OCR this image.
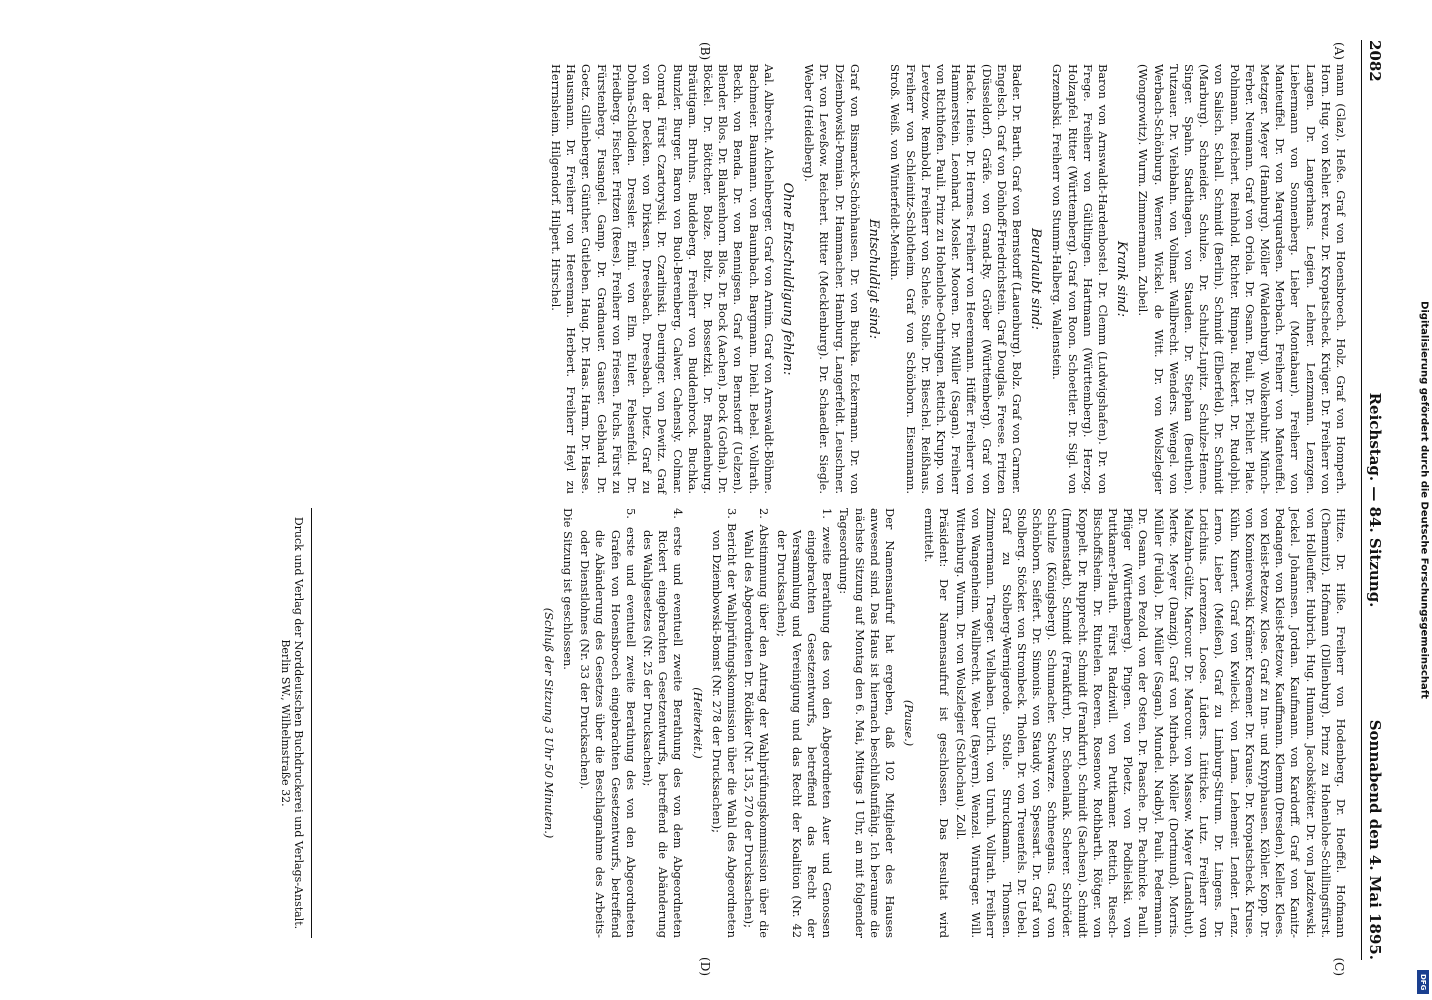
2082
Reichstag. — 84. Sitzung.
Sonnabend den 4. Mai 1895.
(A)
(B)
(C)
(D)

mann (Glaz). Heße. Graf von Hoensbroech. Holz. Graf von Homperh. Horn. Hug. von Kehler. Kreuz. Dr. Kropatscheck. Krüger. Dr. Freiherr von Langen. Dr. Langerhans. Legien. Lehner. Lenzmann. Lenzgen. Liebermann von Sonnenberg. Lieber (Montabaur). Freiherr von Manteuffel. Dr. von Marquardsen. Merbach. Freiherr von Manteuffel. Metzger. Meyer (Hamburg). Möller (Waldenburg). Wolkenbuhr. Münch-Ferber. Neumann. Graf von Oriola. Dr. Osann. Pauli. Dr. Pichler. Plate. Pohlmann. Reichert. Reinhold. Richter. Rimpau. Rickert. Dr. Rudolphi. von Salisch. Schall. Schmidt (Berlin). Schmidt (Elberfeld). Dr. Schmidt (Marburg). Schneider. Schulze. Dr. Schultz-Lupitz. Schulze-Henne. Singer. Spahn. Stadthagen. von Stauden. Dr. Stephan (Beuthen). Tutzauer. Dr. Viehbahn. von Vollmar. Wallbrecht. Wenders. Wengel. von Werbach-Schönburg. Werner. Wickel. de Witt. Dr. von Wolszlegier (Wongrowitz). Wurm. Zimmermann. Zubeil.

Krank sind:

Baron von Arnswaldt-Hardenbostel. Dr. Clemm (Ludwigshafen). Dr. von Frege. Freiherr von Gültlingen. Hartmann (Württemberg). Herzog. Holzapfel. Ritter (Württemberg). Graf von Roon. Schoettler. Dr. Sigl. von Grzembski. Freiherr von Stumm-Halberg. Wallenstein.

Beurlaubt sind:

Bader. Dr. Barth. Graf von Bernstorff (Lauenburg). Bolz. Graf von Carmer. Engelsch. Graf von Dönhoff-Friedrichstein. Graf Douglas. Freese. Fritzen (Düsseldorf). Gräfe. von Grand-Ry. Gröber (Württemberg). Graf von Hacke. Heine. Dr. Hermes. Freiherr von Heeremann. Hüffer. Freiherr von Hammerstein. Leonhard. Mosler. Mooren. Dr. Müller (Sagan). Freiherr von Richthofen. Pauli. Prinz zu Hohenlohe-Oehringen. Rettich. Krupp. von Levetzow. Rembold. Freiherr von Schele. Stolle. Dr. Bieschel. Reißhaus. Freiherr von Schleinitz-Schlotheim. Graf von Schönborn. Eisenmann. Stroß. Weiß. von Winterfeldt-Menkin.

Entschuldigt sind:

Graf von Bismarck-Schönhausen. Dr. von Buchka. Eckermann. Dr. von Dziembowski-Pomian. Dr. Hammacher. Hamburg. Langerfeldt. Leuschner. Dr. von Leveßow. Reichert. Ritter (Mecklenburg). Dr. Schaedler. Siegle. Weber (Heidelberg).

Ohne Entschuldigung fehlen:

Aal. Albrecht. Alchelnberger. Graf von Arnim. Graf von Arnswaldt-Böhme. Bachmeier. Baumann. von Baumbach. Bargmann. Diehl. Bebel. Vollrath. Beckh. von Benda. Dr. von Bennigsen. Graf von Bernstorff (Uelzen). Blender. Blos. Dr. Blankenhorn. Blos. Dr. Bock (Aachen). Bock (Gotha). Dr. Böckel. Dr. Böttcher. Bolze. Boltz. Dr. Bossetzki. Dr. Brandenburg. Bräutigam. Bruhns. Buddeberg. Freiherr von Buddenbrock. Buchka. Bunzler. Burger. Baron von Buol-Berenberg. Calwer. Cahensly. Colmar. Conrad. Fürst Czartoryski. Dr. Czarlinski. Deuringer. von Dewitz. Graf von der Decken. von Dirksen. Dreesbach. Dreesbach. Dietz. Graf zu Dohna-Schlodien. Dressler. Ehni. von Elm. Euler. Fehsenfeld. Dr. Friedberg. Fischer. Fritzen (Rees). Freiherr von Friesen. Fuchs. Fürst zu Fürstenberg. Fusangel. Gamp. Dr. Gradnauer. Gauser. Gebhard. Dr. Goetz. Gillenberger. Günther. Gutleben. Haug. Dr. Haas. Harm. Dr. Hasse. Hausmann. Dr. Freiherr von Heereman. Herbert. Freiherr Heyl zu Herrnsheim. Hilgendorf. Hilpert. Hirschel.

Hitze. Dr. Hiße. Freiherr von Hodenberg. Dr. Hoeffel. Hofmann (Chemnitz). Hofmann (Dillenburg). Prinz zu Hohenlohe-Schillingsfürst. von Holleuffer. Hubrich. Hug. Humann. Jacobskötter. Dr. von Jazdzewski. Jeckel. Johannsen. Jordan. Kaufmann. von Kardorff. Graf von Kanitz-Podangen. von Kleist-Retzow. Kauffmann. Klemm (Dresden). Keller. Klees. von Kleist-Retzow. Klose. Graf zu Inn- und Knyphausen. Köhler. Kopp. Dr. von Komierowski. Krämer. Kraemer. Dr. Krause. Dr. Kropatscheck. Kruse. Kühn. Kunert. Graf von Kwilecki. von Lama. Lehemeir. Lender. Lenz. Lerno. Lieber (Meißen). Graf zu Limburg-Stirum. Dr. Lingens. Dr. Lotichius. Lorenzen. Loose. Lüders. Lütticke. Lutz. Freiherr von Maltzahn-Gültz. Marcour. Dr. Marcour. von Massow. Mayer (Landshut). Merte. Meyer (Danzig). Graf von Mirbach. Möller (Dortmund). Morris. Müller (Fulda). Dr. Müller (Sagan). Mundel. Nadbyl. Pauli. Pedermann. Dr. Osann. von Pezold. von der Osten. Dr. Paasche. Dr. Pachnicke. Paull. Pflüger (Württemberg). Pingen. von Ploetz. von Podbielski. von Puttkamer-Plauth. Fürst Radziwill. von Puttkamer. Rettich. Riesch-Bischoffsheim. Dr. Rintelen. Roeren. Rosenow. Rothbarth. Rötger. von Koppelt. Dr. Rupprecht. Schmidt (Frankfurt). Schmidt (Sachsen). Schmidt (Immenstadt). Schmidt (Frankfurt). Dr. Schoenlank. Scherer. Schröder. Schulze (Königsberg). Schumacher. Schwarze. Schneegans. Graf von Schönborn. Seifert. Dr. Simonis. von Staudy. von Spessart. Dr. Graf von Stolberg. Stöcker. von Strombeck. Tholen. Dr. von Treuenfels. Dr. Uebel. Graf zu Stolberg-Wernigerode. Stolle. Struckmann. Thomsen. Zimmermann. Traeger. Vielhaben. Ulrich. von Unruh. Vollrath. Freiherr von Wangenheim. Wallbrecht. Weber (Bayern). Wenzel. Wintrager. Will. Wittenburg. Wurm. Dr. von Wolszlegier (Schlochau). Zoll.

Präsident: Der Namensaufruf ist geschlossen. Das Resultat wird ermittelt.

(Pause.)

Der Namensaufruf hat ergeben, daß 102 Mitglieder des Hauses anwesend sind. Das Haus ist hiernach beschlußunfähig. Ich beraume die nächste Sitzung auf Montag den 6. Mai, Mittags 1 Uhr, an mit folgender Tagesordnung:

1. zweite Berathung des von den Abgeordneten Auer und Genossen eingebrachten Gesetzentwurfs, betreffend das Recht der Versammlung und Vereinigung und das Recht der Koalition (Nr. 42 der Drucksachen);

2. Abstimmung über den Antrag der Wahlprüfungskommission über die Wahl des Abgeordneten Dr. Rödiker (Nr. 135, 270 der Drucksachen);

3. Bericht der Wahlprüfungskommission über die Wahl des Abgeordneten von Dziembowski-Bomst (Nr. 278 der Drucksachen);

(Heiterkeit.)

4. erste und eventuell zweite Berathung des von dem Abgeordneten Rickert eingebrachten Gesetzentwurfs, betreffend die Abänderung des Wahlgesetzes (Nr. 25 der Drucksachen);

5. erste und eventuell zweite Berathung des von den Abgeordneten Grafen von Hoensbroech eingebrachten Gesetzentwurfs, betreffend die Abänderung des Gesetzes über die Beschlagnahme des Arbeits- oder Dienstlohnes (Nr. 33 der Drucksachen).

Die Sitzung ist geschlossen.

(Schluß der Sitzung 3 Uhr 50 Minuten.)
Druck und Verlag der Norddeutschen Buchdruckerei und Verlags-Anstalt.
Berlin SW., Wilhelmstraße 32.
Digitalisierung gefördert durch die Deutsche Forschungsgemeinschaft
DFG
